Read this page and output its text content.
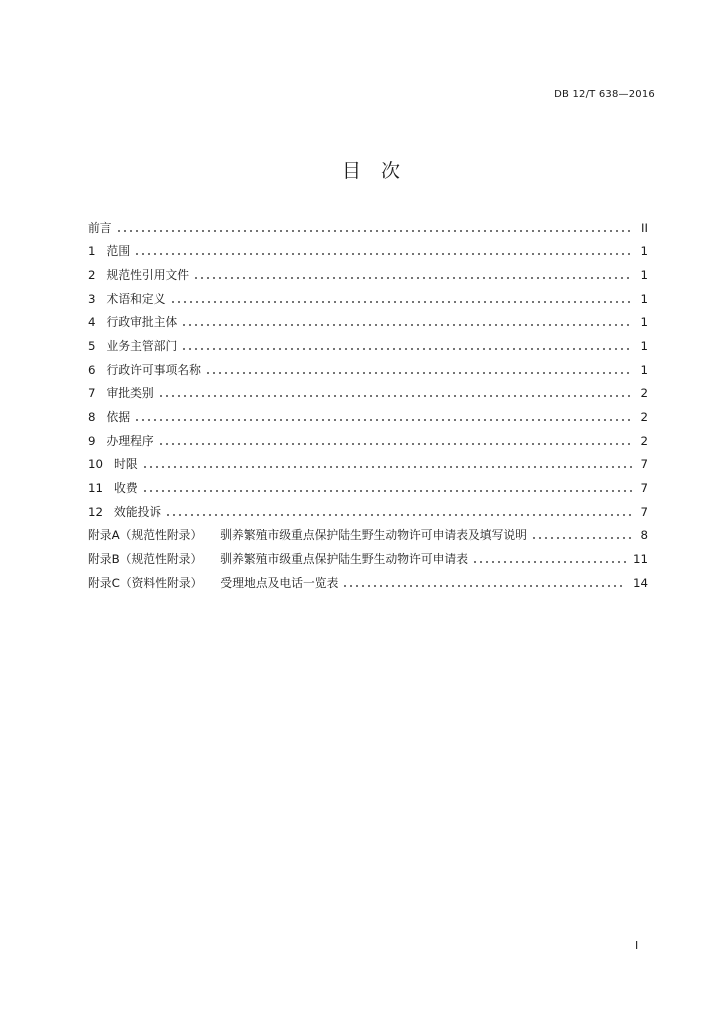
DB 12/T 638—2016
目 次
前言	II
1 范围	1
2 规范性引用文件	1
3 术语和定义	1
4 行政审批主体	1
5 业务主管部门	1
6 行政许可事项名称	1
7 审批类别	2
8 依据	2
9 办理程序	2
10 时限	7
11 收费	7
12 效能投诉	7
附录A（规范性附录） 驯养繁殖市级重点保护陆生野生动物许可申请表及填写说明	8
附录B（规范性附录） 驯养繁殖市级重点保护陆生野生动物许可申请表	11
附录C（资料性附录） 受理地点及电话一览表	14
I
